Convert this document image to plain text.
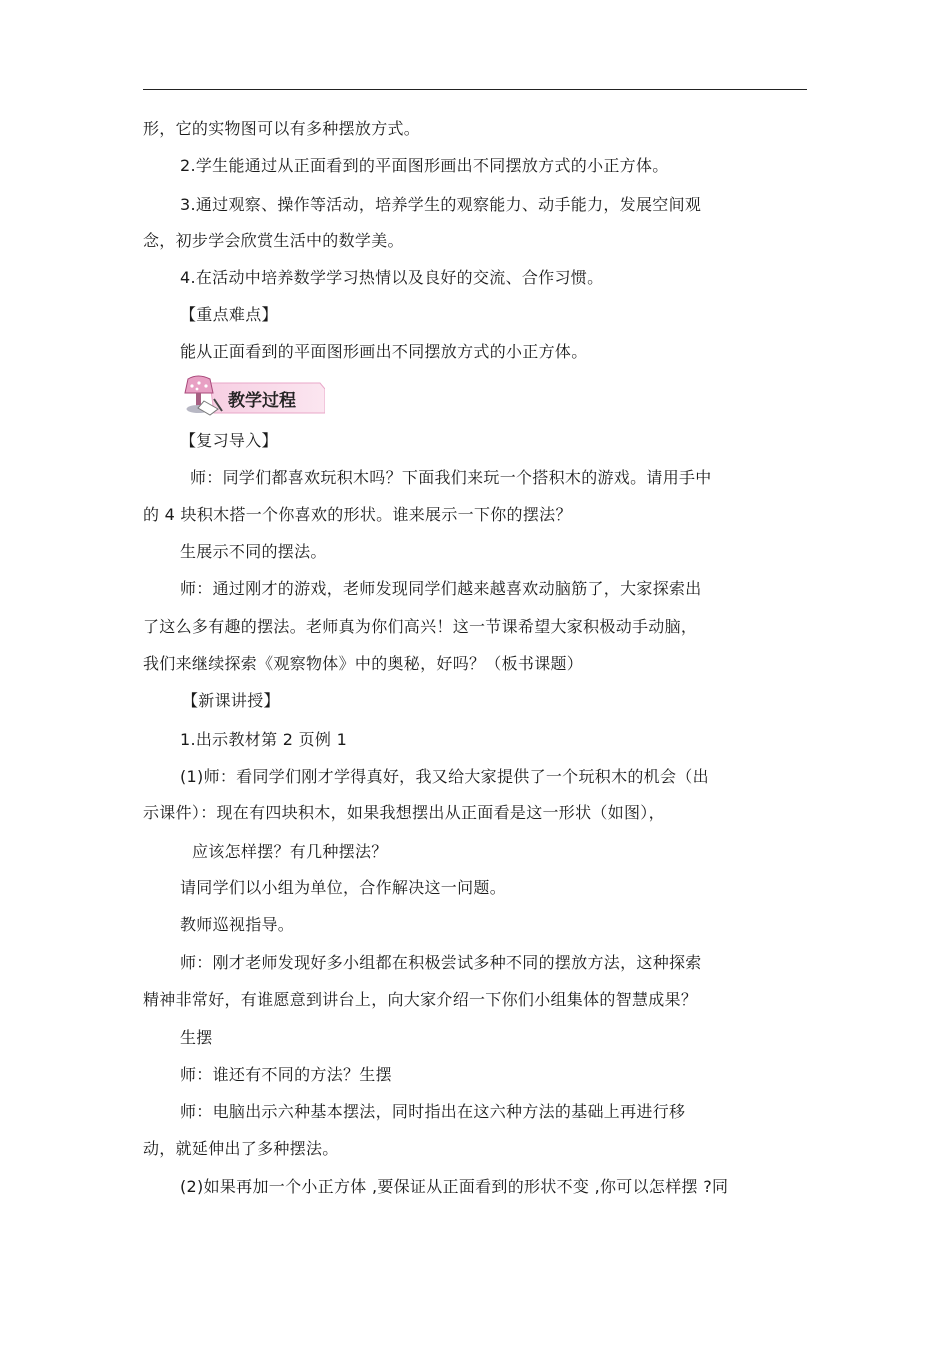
形，它的实物图可以有多种摆放方式。
2.学生能通过从正面看到的平面图形画出不同摆放方式的小正方体。
3.通过观察、操作等活动，培养学生的观察能力、动手能力，发展空间观
念，初步学会欣赏生活中的数学美。
4.在活动中培养数学学习热情以及良好的交流、合作习惯。
【重点难点】
能从正面看到的平面图形画出不同摆放方式的小正方体。
教学过程
【复习导入】
师：同学们都喜欢玩积木吗？下面我们来玩一个搭积木的游戏。请用手中
的 4 块积木搭一个你喜欢的形状。谁来展示一下你的摆法？
生展示不同的摆法。
师：通过刚才的游戏，老师发现同学们越来越喜欢动脑筋了，大家探索出
了这么多有趣的摆法。老师真为你们高兴！这一节课希望大家积极动手动脑，
我们来继续探索《观察物体》中的奥秘，好吗？（板书课题）
【新课讲授】
1.出示教材第 2 页例 1
(1)师：看同学们刚才学得真好，我又给大家提供了一个玩积木的机会（出
示课件）：现在有四块积木，如果我想摆出从正面看是这一形状（如图），
应该怎样摆？有几种摆法？
请同学们以小组为单位，合作解决这一问题。
教师巡视指导。
师：刚才老师发现好多小组都在积极尝试多种不同的摆放方法，这种探索
精神非常好，有谁愿意到讲台上，向大家介绍一下你们小组集体的智慧成果？
生摆
师：谁还有不同的方法？生摆
师：电脑出示六种基本摆法，同时指出在这六种方法的基础上再进行移
动，就延伸出了多种摆法。
(2)如果再加一个小正方体 ,要保证从正面看到的形状不变 ,你可以怎样摆 ?同
